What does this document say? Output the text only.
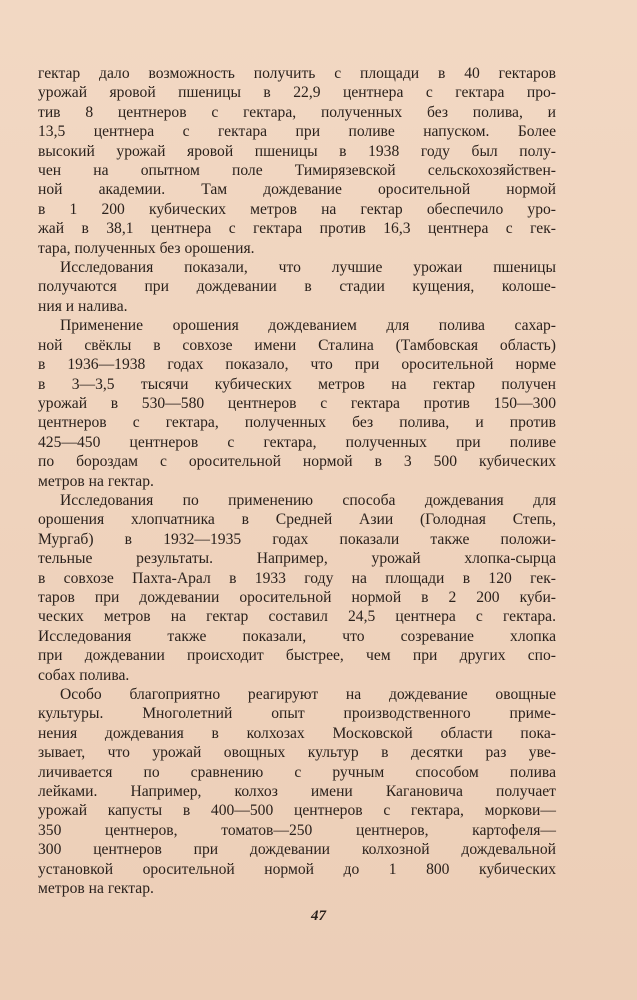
гектар дало возможность получить с площади в 40 гектаров
урожай яровой пшеницы в 22,9 центнера с гектара про-
тив 8 центнеров с гектара, полученных без полива, и
13,5 центнера с гектара при поливе напуском. Более
высокий урожай яровой пшеницы в 1938 году был полу-
чен на опытном поле Тимирязевской сельскохозяйствен-
ной академии. Там дождевание оросительной нормой
в 1 200 кубических метров на гектар обеспечило уро-
жай в 38,1 центнера с гектара против 16,3 центнера с гек-
тара, полученных без орошения.
Исследования показали, что лучшие урожаи пшеницы
получаются при дождевании в стадии кущения, колоше-
ния и налива.
Применение орошения дождеванием для полива сахар-
ной свёклы в совхозе имени Сталина (Тамбовская область)
в 1936—1938 годах показало, что при оросительной норме
в 3—3,5 тысячи кубических метров на гектар получен
урожай в 530—580 центнеров с гектара против 150—300
центнеров с гектара, полученных без полива, и против
425—450 центнеров с гектара, полученных при поливе
по бороздам с оросительной нормой в 3 500 кубических
метров на гектар.
Исследования по применению способа дождевания для
орошения хлопчатника в Средней Азии (Голодная Степь,
Мургаб) в 1932—1935 годах показали также положи-
тельные результаты. Например, урожай хлопка-сырца
в совхозе Пахта-Арал в 1933 году на площади в 120 гек-
таров при дождевании оросительной нормой в 2 200 куби-
ческих метров на гектар составил 24,5 центнера с гектара.
Исследования также показали, что созревание хлопка
при дождевании происходит быстрее, чем при других спо-
собах полива.
Особо благоприятно реагируют на дождевание овощные
культуры. Многолетний опыт производственного приме-
нения дождевания в колхозах Московской области пока-
зывает, что урожай овощных культур в десятки раз уве-
личивается по сравнению с ручным способом полива
лейками. Например, колхоз имени Кагановича получает
урожай капусты в 400—500 центнеров с гектара, моркови—
350 центнеров, томатов—250 центнеров, картофеля—
300 центнеров при дождевании колхозной дождевальной
установкой оросительной нормой до 1 800 кубических
метров на гектар.
47
